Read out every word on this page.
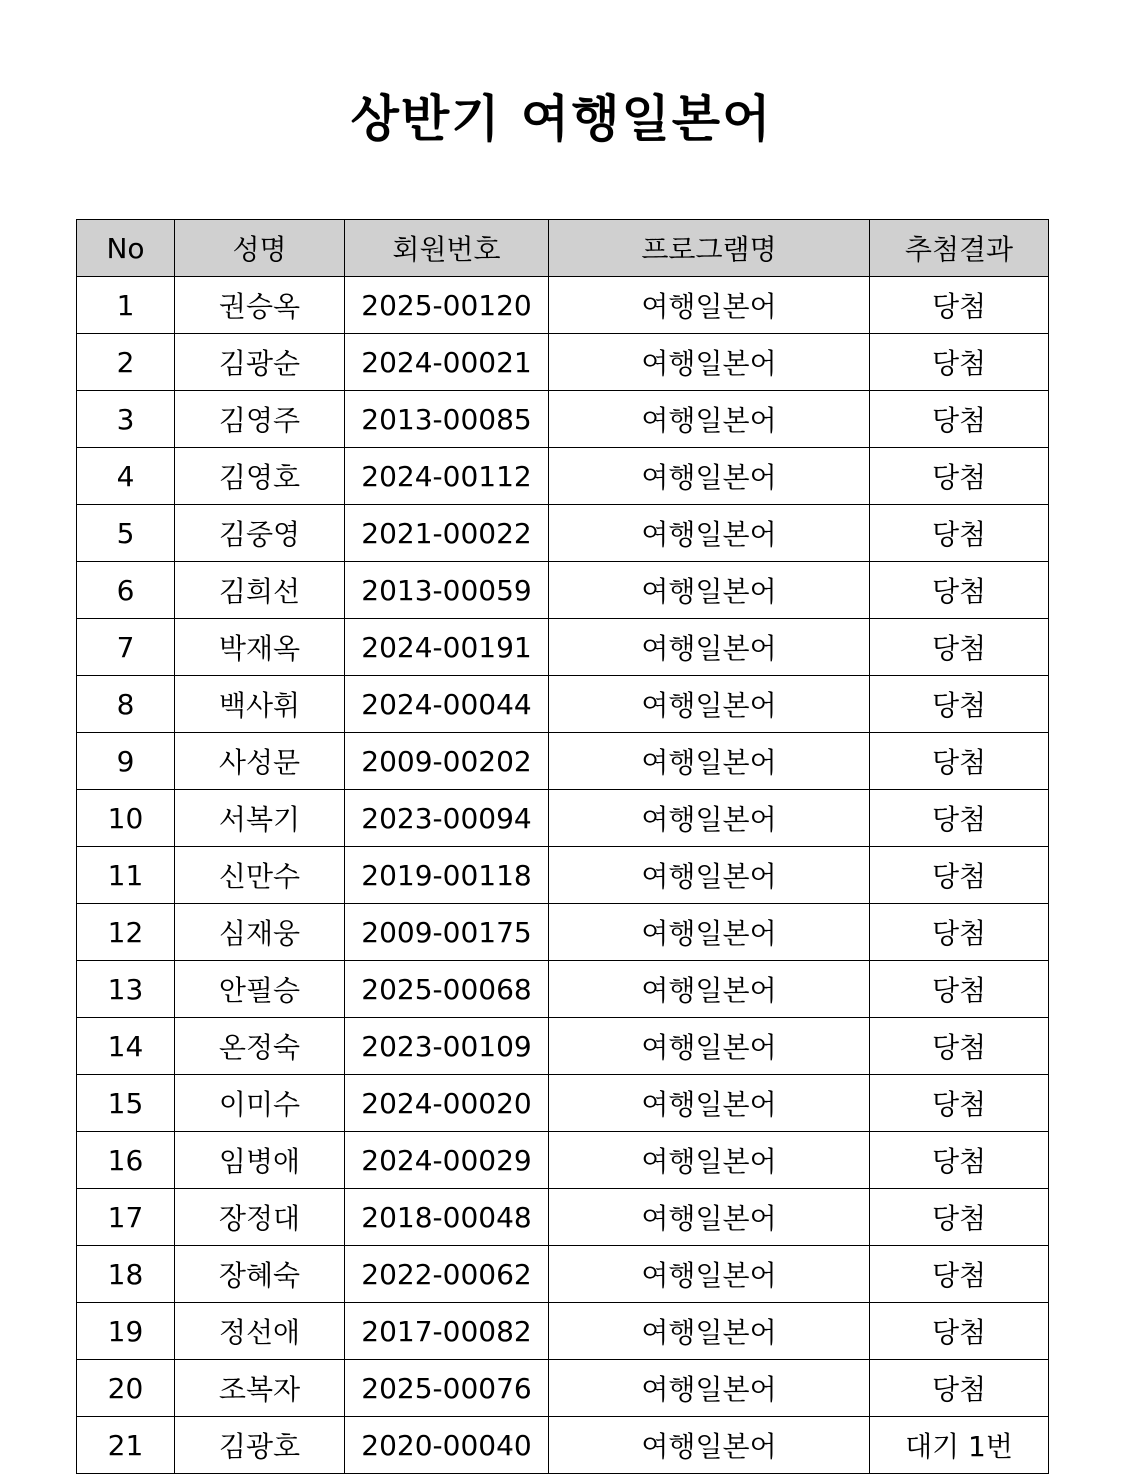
상반기 여행일본어
No	성명	회원번호	프로그램명	추첨결과
1	권승옥	2025-00120	여행일본어	당첨
2	김광순	2024-00021	여행일본어	당첨
3	김영주	2013-00085	여행일본어	당첨
4	김영호	2024-00112	여행일본어	당첨
5	김중영	2021-00022	여행일본어	당첨
6	김희선	2013-00059	여행일본어	당첨
7	박재옥	2024-00191	여행일본어	당첨
8	백사휘	2024-00044	여행일본어	당첨
9	사성문	2009-00202	여행일본어	당첨
10	서복기	2023-00094	여행일본어	당첨
11	신만수	2019-00118	여행일본어	당첨
12	심재웅	2009-00175	여행일본어	당첨
13	안필승	2025-00068	여행일본어	당첨
14	온정숙	2023-00109	여행일본어	당첨
15	이미수	2024-00020	여행일본어	당첨
16	임병애	2024-00029	여행일본어	당첨
17	장정대	2018-00048	여행일본어	당첨
18	장혜숙	2022-00062	여행일본어	당첨
19	정선애	2017-00082	여행일본어	당첨
20	조복자	2025-00076	여행일본어	당첨
21	김광호	2020-00040	여행일본어	대기 1번
